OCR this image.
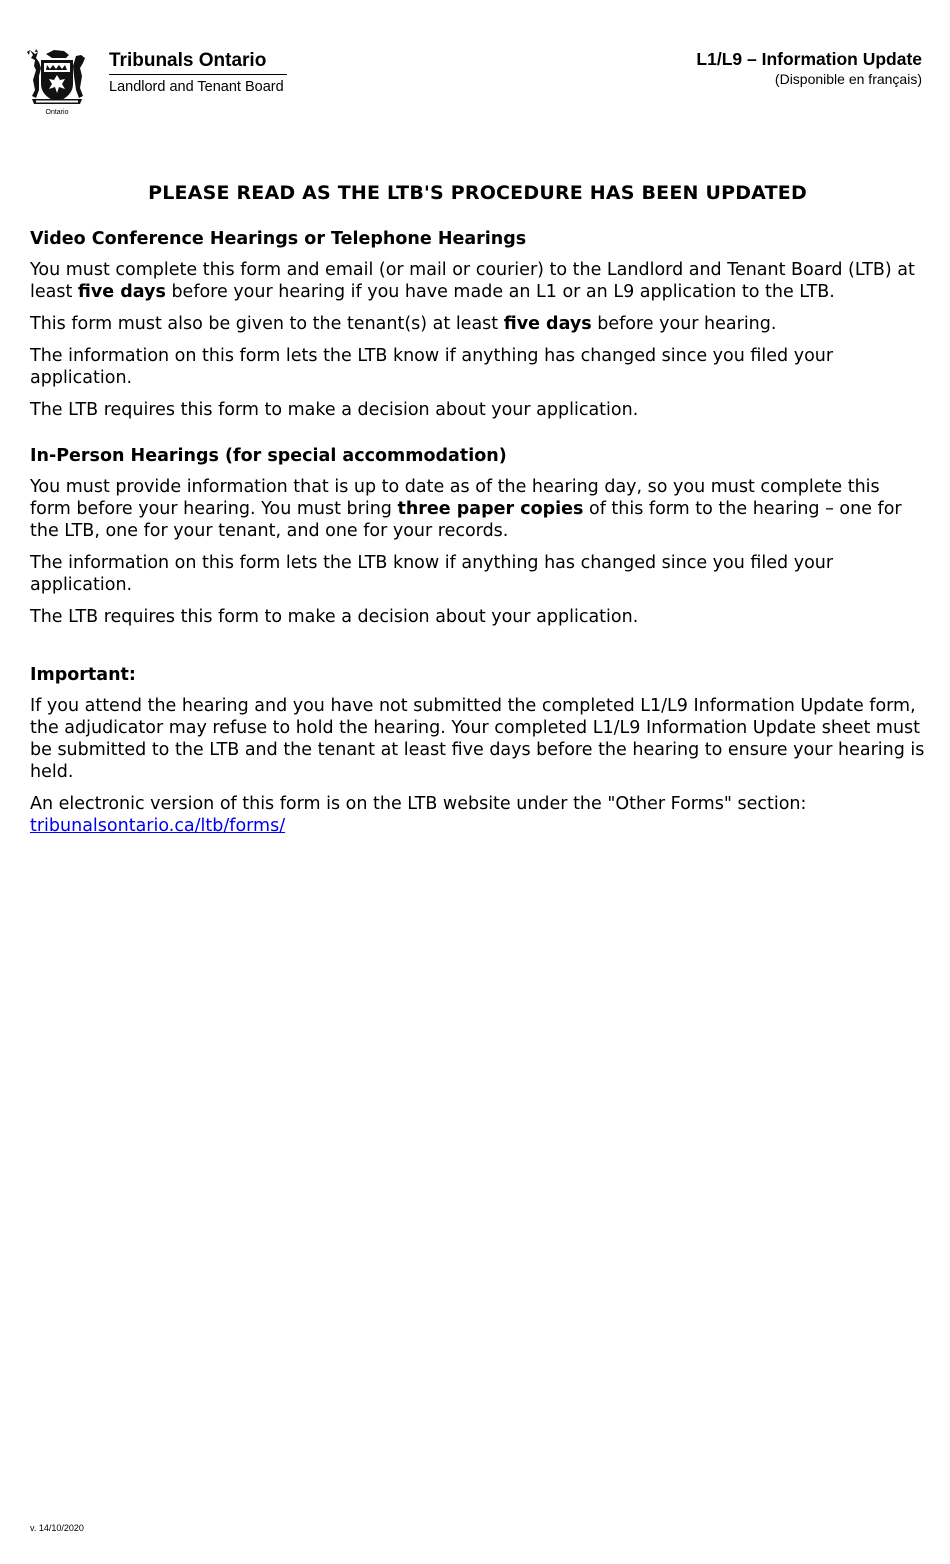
Ontario
Tribunals Ontario
Landlord and Tenant Board
L1/L9 – Information Update
(Disponible en français)
PLEASE READ AS THE LTB'S PROCEDURE HAS BEEN UPDATED
Video Conference Hearings or Telephone Hearings

You must complete this form and email (or mail or courier) to the Landlord and Tenant Board (LTB) at least five days before your hearing if you have made an L1 or an L9 application to the LTB.

This form must also be given to the tenant(s) at least five days before your hearing.

The information on this form lets the LTB know if anything has changed since you filed your application.

The LTB requires this form to make a decision about your application.

In-Person Hearings (for special accommodation)

You must provide information that is up to date as of the hearing day, so you must complete this form before your hearing. You must bring three paper copies of this form to the hearing – one for the LTB, one for your tenant, and one for your records.

The information on this form lets the LTB know if anything has changed since you filed your application.

The LTB requires this form to make a decision about your application.

Important:

If you attend the hearing and you have not submitted the completed L1/L9 Information Update form, the adjudicator may refuse to hold the hearing. Your completed L1/L9 Information Update sheet must be submitted to the LTB and the tenant at least five days before the hearing to ensure your hearing is held.

An electronic version of this form is on the LTB website under the "Other Forms" section:
tribunalsontario.ca/ltb/forms/

v. 14/10/2020
